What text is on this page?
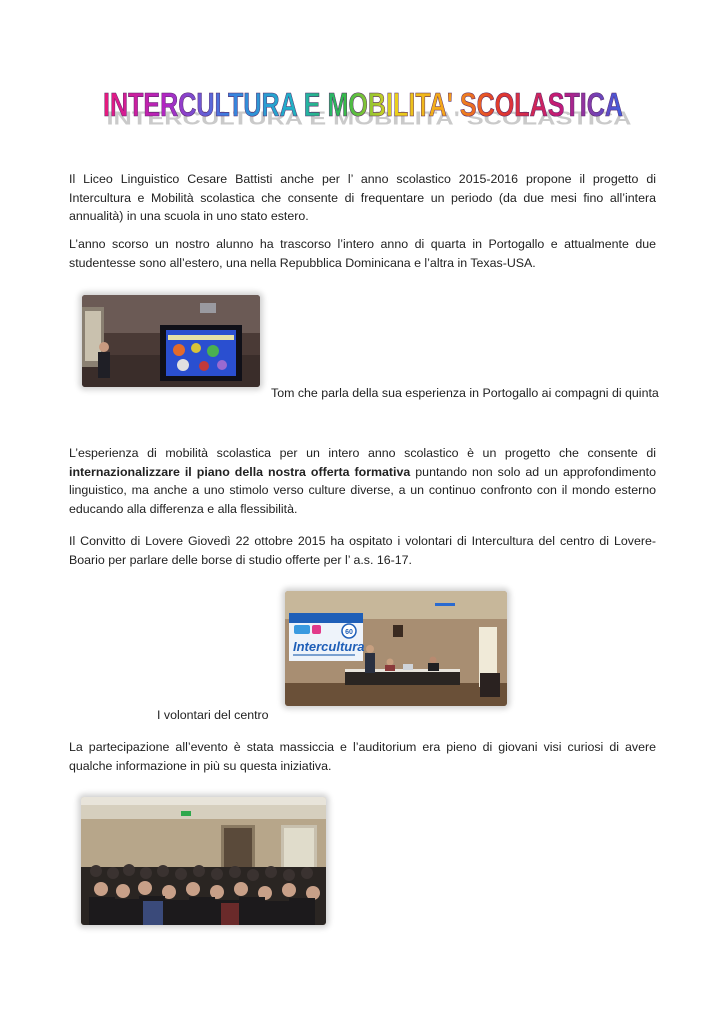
INTERCULTURA E MOBILITA' SCOLASTICA
INTERCULTURA E MOBILITA' SCOLASTICA

Il Liceo Linguistico Cesare Battisti anche per l’ anno scolastico 2015-2016 propone il progetto di Intercultura e Mobilità scolastica che consente di frequentare un periodo (da due mesi fino all’intera annualità) in una scuola in uno stato estero.

L’anno scorso un nostro alunno ha trascorso l’intero anno di quarta in Portogallo e attualmente due studentesse sono all’estero, una nella Repubblica Dominicana e l’altra in Texas-USA.

Tom che parla della sua esperienza in Portogallo ai compagni di quinta

L’esperienza di mobilità scolastica per un intero anno scolastico è un progetto che consente di internazionalizzare il piano della nostra offerta formativa puntando non solo ad un approfondimento linguistico, ma anche a uno stimolo verso culture diverse, a un continuo confronto con il mondo esterno educando alla differenza e alla flessibilità.

Il Convitto di Lovere Giovedì 22 ottobre 2015 ha ospitato i volontari di Intercultura del centro di Lovere-Boario per parlare delle borse di studio offerte per l’ a.s. 16-17.

60
Intercultura

I volontari del centro

La partecipazione all’evento è stata massiccia e l’auditorium era pieno di giovani visi curiosi di avere qualche informazione in più su questa iniziativa.
